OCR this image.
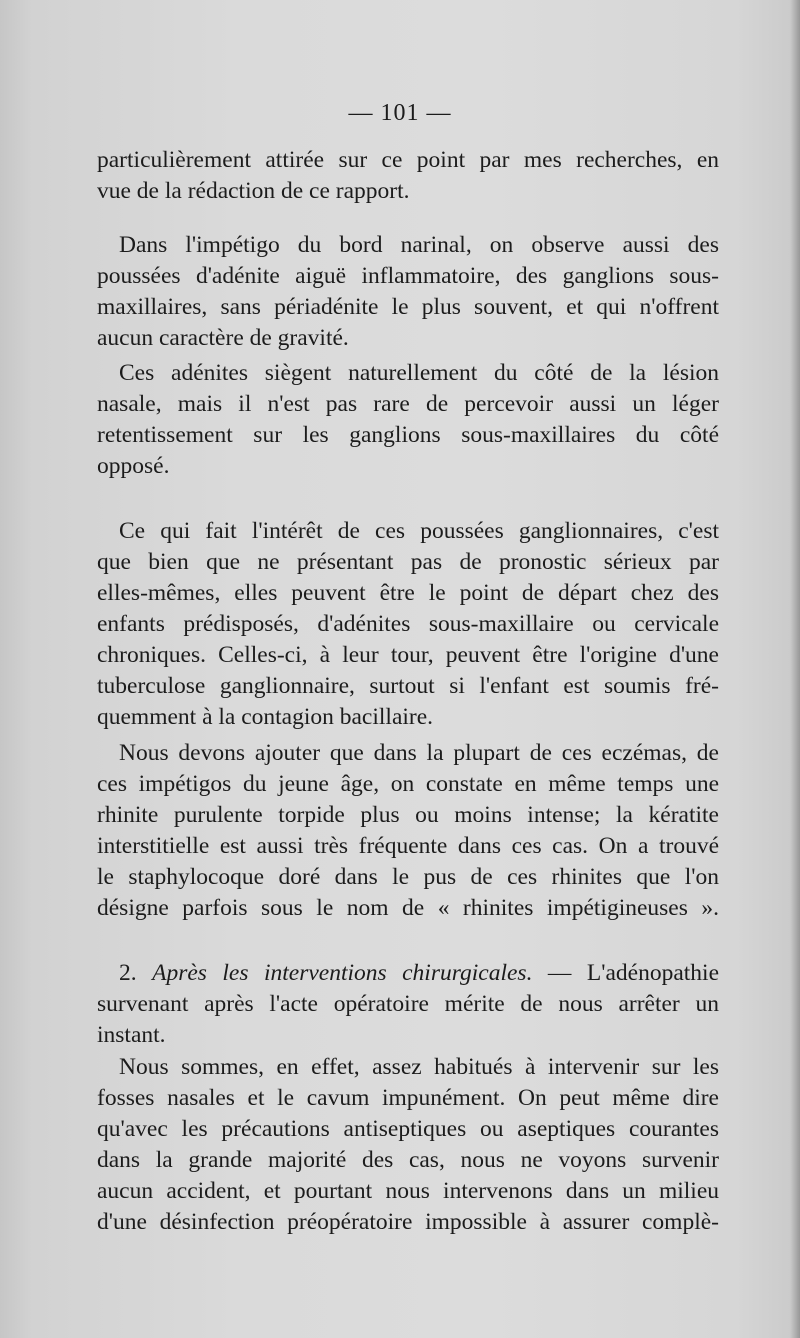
— 101 —
particulièrement attirée sur ce point par mes recherches, en
vue de la rédaction de ce rapport.
Dans l'impétigo du bord narinal, on observe aussi des
poussées d'adénite aiguë inflammatoire, des ganglions sous-
maxillaires, sans périadénite le plus souvent, et qui n'offrent
aucun caractère de gravité.
Ces adénites siègent naturellement du côté de la lésion
nasale, mais il n'est pas rare de percevoir aussi un léger
retentissement sur les ganglions sous-maxillaires du côté
opposé.
Ce qui fait l'intérêt de ces poussées ganglionnaires, c'est
que bien que ne présentant pas de pronostic sérieux par
elles-mêmes, elles peuvent être le point de départ chez des
enfants prédisposés, d'adénites sous-maxillaire ou cervicale
chroniques. Celles-ci, à leur tour, peuvent être l'origine d'une
tuberculose ganglionnaire, surtout si l'enfant est soumis fré-
quemment à la contagion bacillaire.
Nous devons ajouter que dans la plupart de ces eczémas, de
ces impétigos du jeune âge, on constate en même temps une
rhinite purulente torpide plus ou moins intense; la kératite
interstitielle est aussi très fréquente dans ces cas. On a trouvé
le staphylocoque doré dans le pus de ces rhinites que l'on
désigne parfois sous le nom de « rhinites impétigineuses ».
2. Après les interventions chirurgicales. — L'adénopathie
survenant après l'acte opératoire mérite de nous arrêter un
instant.
Nous sommes, en effet, assez habitués à intervenir sur les
fosses nasales et le cavum impunément. On peut même dire
qu'avec les précautions antiseptiques ou aseptiques courantes
dans la grande majorité des cas, nous ne voyons survenir
aucun accident, et pourtant nous intervenons dans un milieu
d'une désinfection préopératoire impossible à assurer complè-
